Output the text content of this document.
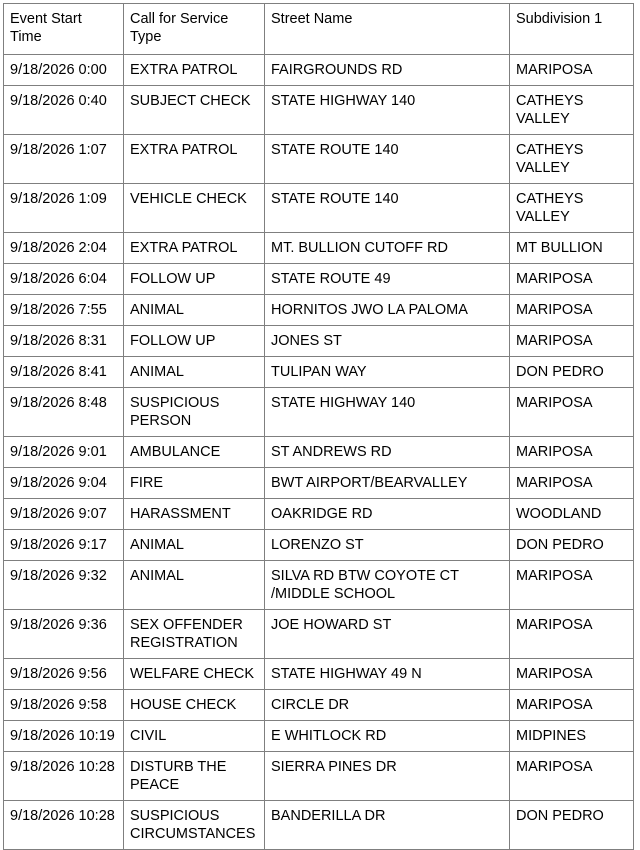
Event Start Time	Call for Service Type	Street Name	Subdivision 1
9/18/2026 0:00	EXTRA PATROL	FAIRGROUNDS RD	MARIPOSA
9/18/2026 0:40	SUBJECT CHECK	STATE HIGHWAY 140	CATHEYS VALLEY
9/18/2026 1:07	EXTRA PATROL	STATE ROUTE 140	CATHEYS VALLEY
9/18/2026 1:09	VEHICLE CHECK	STATE ROUTE 140	CATHEYS VALLEY
9/18/2026 2:04	EXTRA PATROL	MT. BULLION CUTOFF RD	MT BULLION
9/18/2026 6:04	FOLLOW UP	STATE ROUTE 49	MARIPOSA
9/18/2026 7:55	ANIMAL	HORNITOS JWO LA PALOMA	MARIPOSA
9/18/2026 8:31	FOLLOW UP	JONES ST	MARIPOSA
9/18/2026 8:41	ANIMAL	TULIPAN WAY	DON PEDRO
9/18/2026 8:48	SUSPICIOUS PERSON	STATE HIGHWAY 140	MARIPOSA
9/18/2026 9:01	AMBULANCE	ST ANDREWS RD	MARIPOSA
9/18/2026 9:04	FIRE	BWT AIRPORT/BEARVALLEY	MARIPOSA
9/18/2026 9:07	HARASSMENT	OAKRIDGE RD	WOODLAND
9/18/2026 9:17	ANIMAL	LORENZO ST	DON PEDRO
9/18/2026 9:32	ANIMAL	SILVA RD BTW COYOTE CT /MIDDLE SCHOOL	MARIPOSA
9/18/2026 9:36	SEX OFFENDER REGISTRATION	JOE HOWARD ST	MARIPOSA
9/18/2026 9:56	WELFARE CHECK	STATE HIGHWAY 49 N	MARIPOSA
9/18/2026 9:58	HOUSE CHECK	CIRCLE DR	MARIPOSA
9/18/2026 10:19	CIVIL	E WHITLOCK RD	MIDPINES
9/18/2026 10:28	DISTURB THE PEACE	SIERRA PINES DR	MARIPOSA
9/18/2026 10:28	SUSPICIOUS CIRCUMSTANCES	BANDERILLA DR	DON PEDRO
